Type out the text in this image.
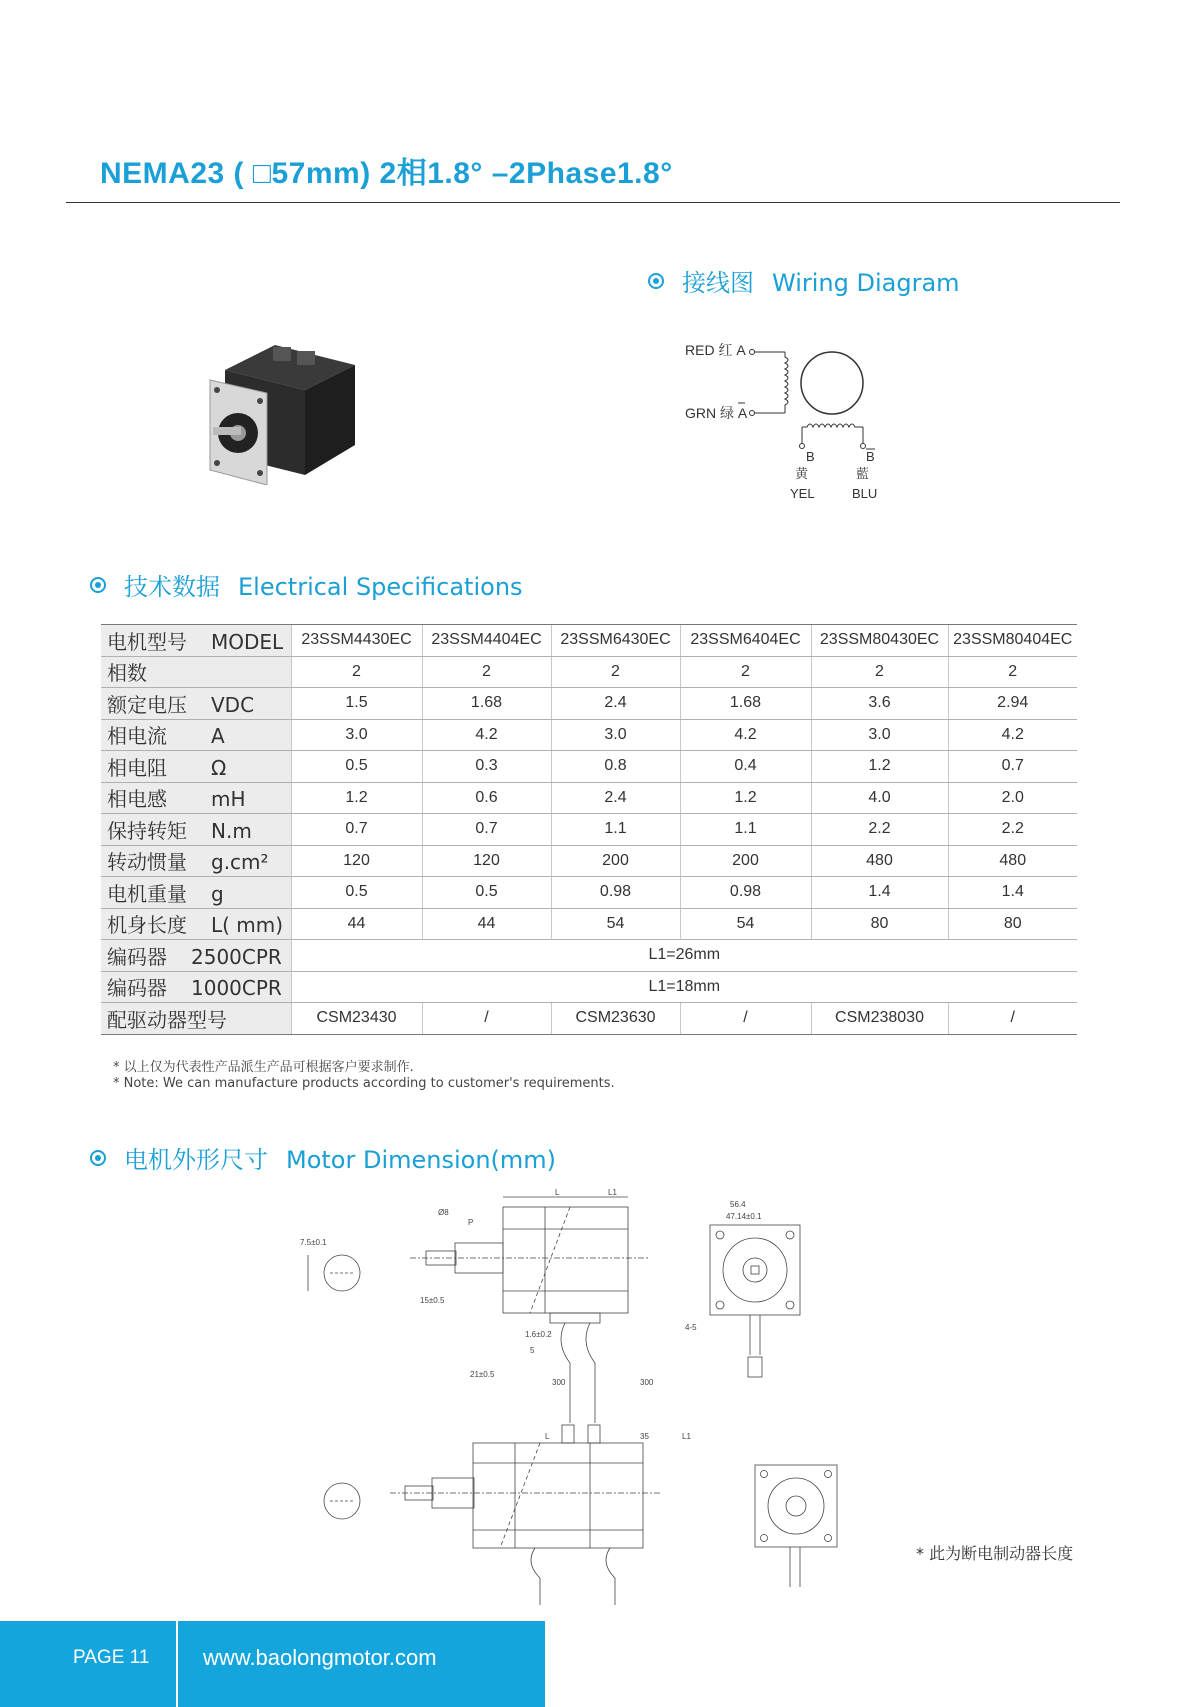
NEMA23 ( □57mm) 2相1.8° –2Phase1.8°
接线图 Wiring Diagram
RED 红 A
GRN 绿 A
B	B
黄	藍
YEL	BLU
技术数据 Electrical Specifications
电机型号 MODEL	23SSM4430EC	23SSM4404EC	23SSM6430EC	23SSM6404EC	23SSM80430EC	23SSM80404EC
相数	2	2	2	2	2	2
额定电压 VDC	1.5	1.68	2.4	1.68	3.6	2.94
相电流 A	3.0	4.2	3.0	4.2	3.0	4.2
相电阻 Ω	0.5	0.3	0.8	0.4	1.2	0.7
相电感 mH	1.2	0.6	2.4	1.2	4.0	2.0
保持转矩 N.m	0.7	0.7	1.1	1.1	2.2	2.2
转动惯量 g.cm²	120	120	200	200	480	480
电机重量 g	0.5	0.5	0.98	0.98	1.4	1.4
机身长度 L( mm)	44	44	54	54	80	80
编码器 2500CPR	L1=26mm					
编码器 1000CPR	L1=18mm					
配驱动器型号	CSM23430	/	CSM23630	/	CSM238030	/
* 以上仅为代表性产品派生产品可根据客户要求制作.
* Note: We can manufacture products according to customer's requirements.
电机外形尺寸 Motor Dimension(mm)
7.5±0.1
L	L1
Ø8
P
15±0.5
1.6±0.2
5
21±0.5
300	300
56.4
47.14±0.1
4-5
L	35	L1
* 此为断电制动器长度
PAGE 11 www.baolongmotor.com
